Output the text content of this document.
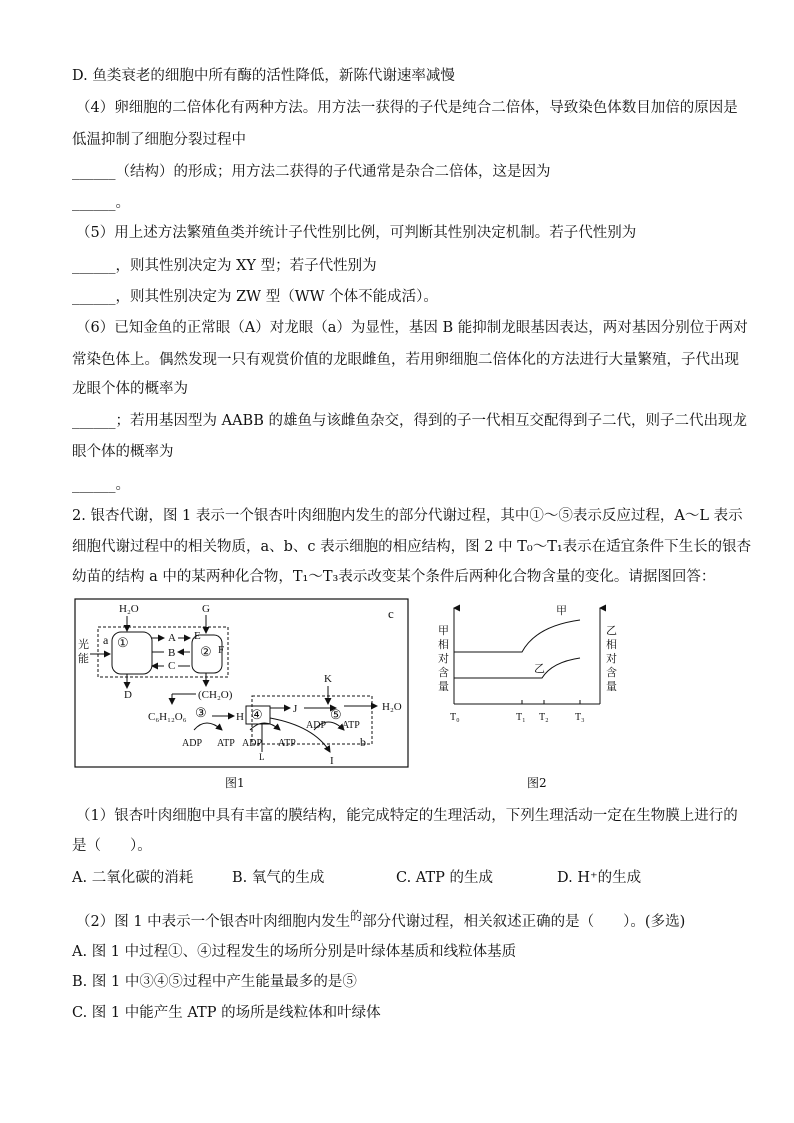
D. 鱼类衰老的细胞中所有酶的活性降低，新陈代谢速率减慢
（4）卵细胞的二倍体化有两种方法。用方法一获得的子代是纯合二倍体，导致染色体数目加倍的原因是
低温抑制了细胞分裂过程中
______（结构）的形成；用方法二获得的子代通常是杂合二倍体，这是因为
______。
（5）用上述方法繁殖鱼类并统计子代性别比例，可判断其性别决定机制。若子代性别为
______，则其性别决定为 XY 型；若子代性别为
______，则其性别决定为 ZW 型（WW 个体不能成活）。
（6）已知金鱼的正常眼（A）对龙眼（a）为显性，基因 B 能抑制龙眼基因表达，两对基因分别位于两对
常染色体上。偶然发现一只有观赏价值的龙眼雌鱼，若用卵细胞二倍体化的方法进行大量繁殖，子代出现
龙眼个体的概率为
______；若用基因型为 AABB 的雄鱼与该雌鱼杂交，得到的子一代相互交配得到子二代，则子二代出现龙
眼个体的概率为
______。
2. 银杏代谢，图 1 表示一个银杏叶肉细胞内发生的部分代谢过程，其中①～⑤表示反应过程，A～L 表示
细胞代谢过程中的相关物质，a、b、c 表示细胞的相应结构，图 2 中 T₀～T₁表示在适宜条件下生长的银杏
幼苗的结构 a 中的某两种化合物，T₁～T₃表示改变某个条件后两种化合物含量的变化。请据图回答：
c
a ①
②
H₂O	G
E
F
A
B
C
光
能
D	(CH₂O)
C₆H₁₂O₆ ③	H
ADP ATP
④	J
K
⑤	H₂O
ADP ATP
b
ADP ATP
L	I
图1
甲
相
对
含
量
乙
相
对
含
量
甲
乙
T₀	T₁ T₂	T₃
图2
（1）银杏叶肉细胞中具有丰富的膜结构，能完成特定的生理活动，下列生理活动一定在生物膜上进行的
是（　　）。
A. 二氧化碳的消耗	B. 氧气的生成	C. ATP 的生成	D. H⁺的生成
（2）图 1 中表示一个银杏叶肉细胞内发生$^的$部分代谢过程，相关叙述正确的是（　　）。(多选)
A. 图 1 中过程①、④过程发生的场所分别是叶绿体基质和线粒体基质
B. 图 1 中③④⑤过程中产生能量最多的是⑤
C. 图 1 中能产生 ATP 的场所是线粒体和叶绿体
